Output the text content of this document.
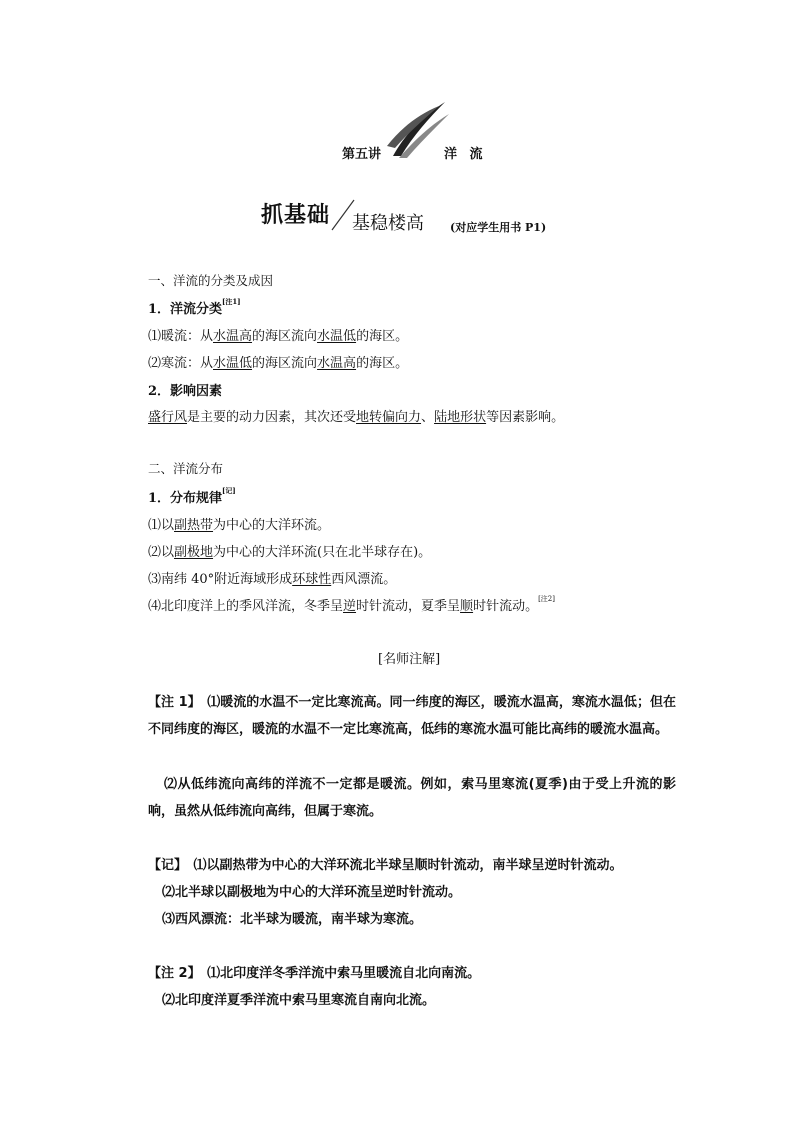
第五讲	洋 流
抓基础 基稳楼高 (对应学生用书 P1)
一、洋流的分类及成因
1．洋流分类[注1]
⑴暖流：从水温高的海区流向水温低的海区。
⑵寒流：从水温低的海区流向水温高的海区。
2．影响因素
盛行风是主要的动力因素，其次还受地转偏向力、陆地形状等因素影响。
二、洋流分布
1．分布规律[记]
⑴以副热带为中心的大洋环流。
⑵以副极地为中心的大洋环流(只在北半球存在)。
⑶南纬 40°附近海域形成环球性西风漂流。
⑷北印度洋上的季风洋流，冬季呈逆时针流动，夏季呈顺时针流动。[注2]
[名师注解]
【注 1】　⑴暖流的水温不一定比寒流高。同一纬度的海区，暖流水温高，寒流水温低；但在不同纬度的海区，暖流的水温不一定比寒流高，低纬的寒流水温可能比高纬的暖流水温高。
⑵从低纬流向高纬的洋流不一定都是暖流。例如，索马里寒流(夏季)由于受上升流的影响，虽然从低纬流向高纬，但属于寒流。
【记】　⑴以副热带为中心的大洋环流北半球呈顺时针流动，南半球呈逆时针流动。
⑵北半球以副极地为中心的大洋环流呈逆时针流动。
⑶西风漂流：北半球为暖流，南半球为寒流。
【注 2】　⑴北印度洋冬季洋流中索马里暖流自北向南流。
⑵北印度洋夏季洋流中索马里寒流自南向北流。
